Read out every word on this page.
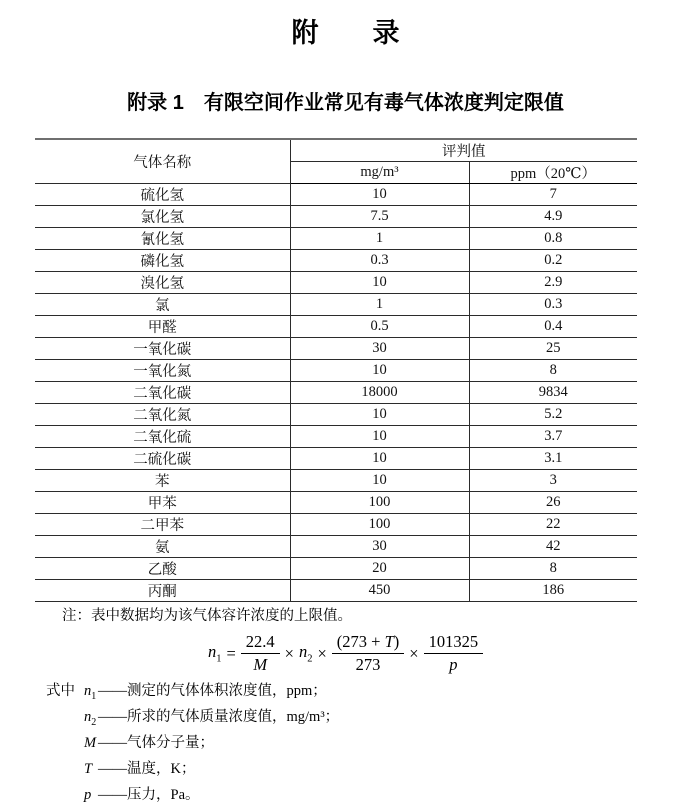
附　　录
附录 1　有限空间作业常见有毒气体浓度判定限值
气体名称	评判值	
	mg/m³	ppm（20℃）
硫化氢	10	7
氯化氢	7.5	4.9
氰化氢	1	0.8
磷化氢	0.3	0.2
溴化氢	10	2.9
氯	1	0.3
甲醛	0.5	0.4
一氧化碳	30	25
一氧化氮	10	8
二氧化碳	18000	9834
二氧化氮	10	5.2
二氧化硫	10	3.7
二硫化碳	10	3.1
苯	10	3
甲苯	100	26
二甲苯	100	22
氨	30	42
乙酸	20	8
丙酮	450	186
注：表中数据均为该气体容许浓度的上限值。
$n_1 = \frac{22.4}{M} \times n_2 \times \frac{(273 + T)}{273} \times \frac{101325}{p}$
式中 $n_1$ ——测定的气体体积浓度值，ppm；
$n_2$ ——所求的气体质量浓度值，mg/m³；
M ——气体分子量；
T ——温度，K；
p ——压力，Pa。
